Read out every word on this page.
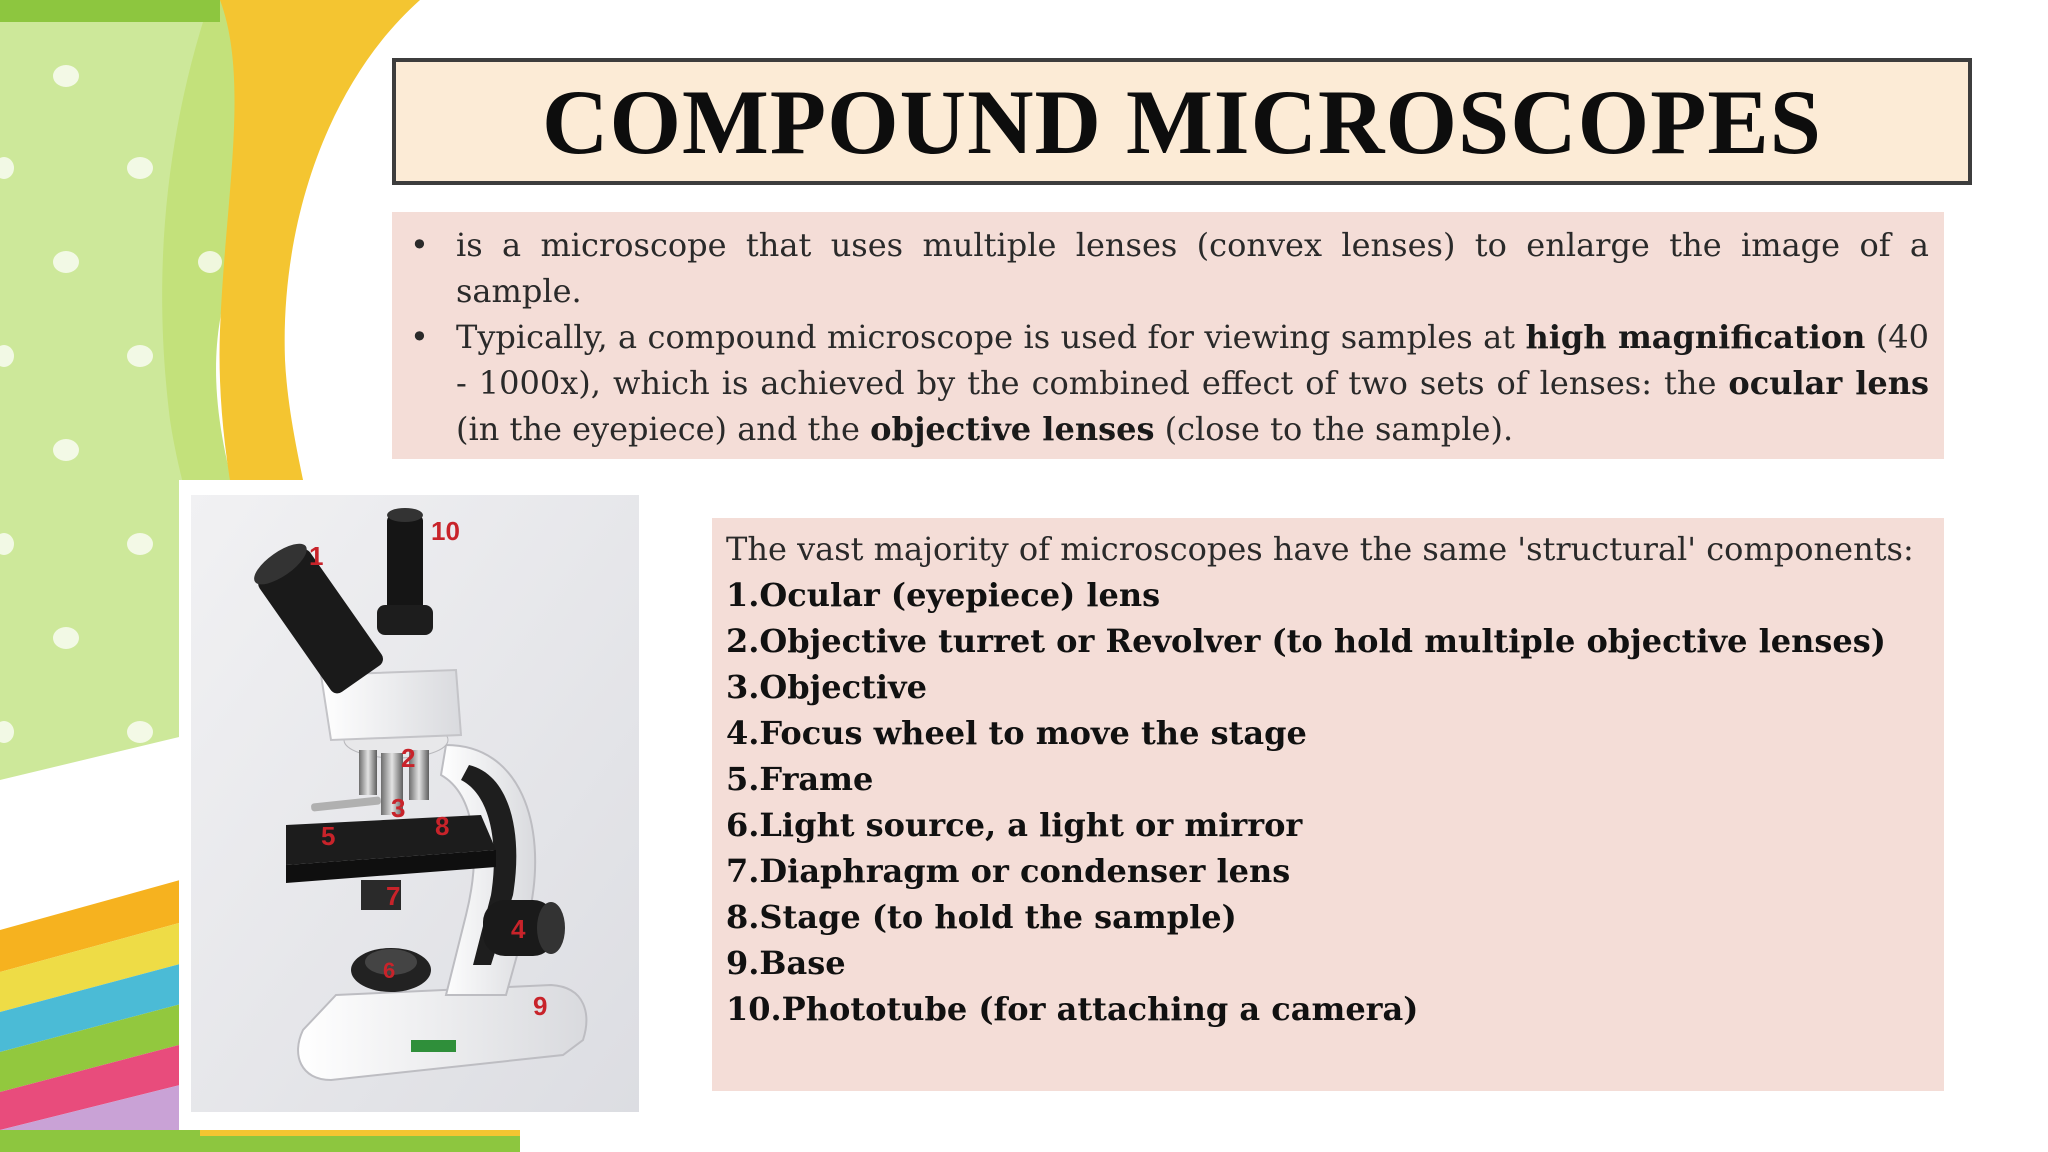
COMPOUND MICROSCOPES
• is a microscope that uses multiple lenses (convex lenses) to enlarge the image of a sample.
• Typically, a compound microscope is used for viewing samples at high magnification (40 - 1000x), which is achieved by the combined effect of two sets of lenses: the ocular lens (in the eyepiece) and the objective lenses (close to the sample).
1
10
2
3
8
5
7
4
6
9
The vast majority of microscopes have the same 'structural' components:
1.Ocular (eyepiece) lens
2.Objective turret or Revolver (to hold multiple objective lenses)
3.Objective
4.Focus wheel to move the stage
5.Frame
6.Light source, a light or mirror
7.Diaphragm or condenser lens
8.Stage (to hold the sample)
9.Base
10.Phototube (for attaching a camera)
